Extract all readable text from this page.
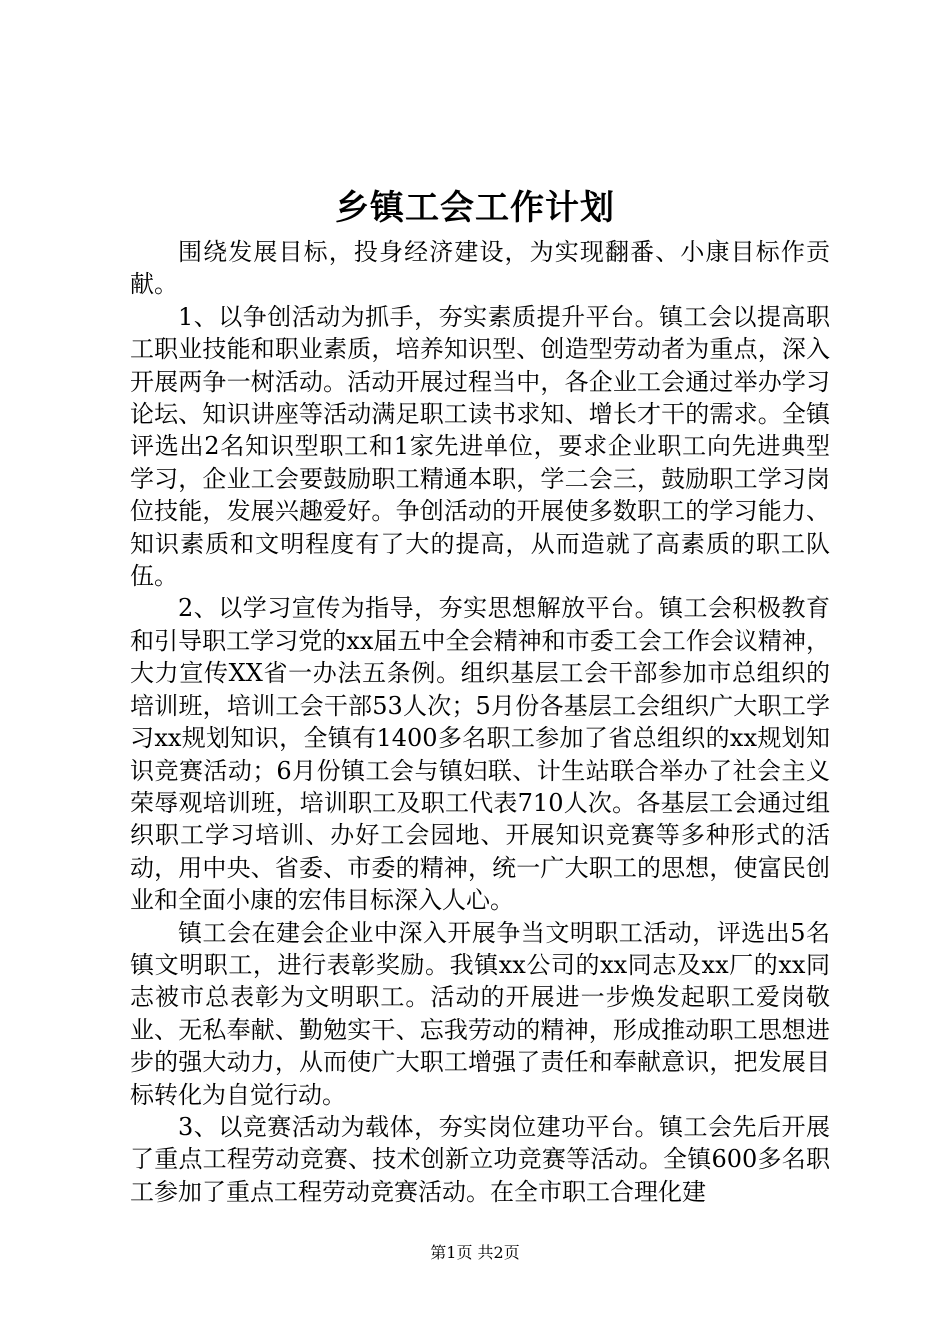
乡镇工会工作计划

围绕发展目标，投身经济建设，为实现翻番、小康目标作贡献。

1、以争创活动为抓手，夯实素质提升平台。镇工会以提高职工职业技能和职业素质，培养知识型、创造型劳动者为重点，深入开展两争一树活动。活动开展过程当中，各企业工会通过举办学习论坛、知识讲座等活动满足职工读书求知、增长才干的需求。全镇评选出2名知识型职工和1家先进单位，要求企业职工向先进典型学习，企业工会要鼓励职工精通本职，学二会三，鼓励职工学习岗位技能，发展兴趣爱好。争创活动的开展使多数职工的学习能力、知识素质和文明程度有了大的提高，从而造就了高素质的职工队伍。

2、以学习宣传为指导，夯实思想解放平台。镇工会积极教育和引导职工学习党的xx届五中全会精神和市委工会工作会议精神，大力宣传XX省一办法五条例。组织基层工会干部参加市总组织的培训班，培训工会干部53人次；5月份各基层工会组织广大职工学习xx规划知识，全镇有1400多名职工参加了省总组织的xx规划知识竞赛活动；6月份镇工会与镇妇联、计生站联合举办了社会主义荣辱观培训班，培训职工及职工代表710人次。各基层工会通过组织职工学习培训、办好工会园地、开展知识竞赛等多种形式的活动，用中央、省委、市委的精神，统一广大职工的思想，使富民创业和全面小康的宏伟目标深入人心。

镇工会在建会企业中深入开展争当文明职工活动，评选出5名镇文明职工，进行表彰奖励。我镇xx公司的xx同志及xx厂的xx同志被市总表彰为文明职工。活动的开展进一步焕发起职工爱岗敬业、无私奉献、勤勉实干、忘我劳动的精神，形成推动职工思想进步的强大动力，从而使广大职工增强了责任和奉献意识，把发展目标转化为自觉行动。

3、以竞赛活动为载体，夯实岗位建功平台。镇工会先后开展了重点工程劳动竞赛、技术创新立功竞赛等活动。全镇600多名职工参加了重点工程劳动竞赛活动。在全市职工合理化建

第1页 共2页
